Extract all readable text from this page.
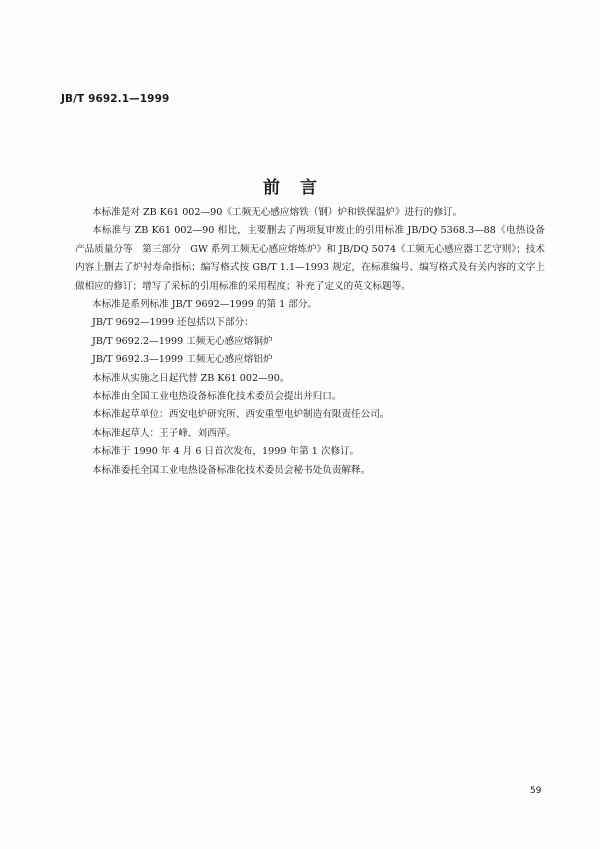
JB/T 9692.1—1999
前言

本标准是对 ZB K61 002—90《工频无心感应熔铁（钢）炉和铁保温炉》进行的修订。

本标准与 ZB K61 002—90 相比，主要删去了两项复审废止的引用标准 JB/DQ 5368.3—88《电热设备产品质量分等　第三部分　GW 系列工频无心感应熔炼炉》和 JB/DQ 5074《工频无心感应器工艺守则》；技术内容上删去了炉衬寿命指标；编写格式按 GB/T 1.1—1993 规定，在标准编号、编写格式及有关内容的文字上做相应的修订；增写了采标的引用标准的采用程度；补充了定义的英文标题等。

本标准是系列标准 JB/T 9692—1999 的第 1 部分。

JB/T 9692—1999 还包括以下部分：

JB/T 9692.2—1999 工频无心感应熔铜炉

JB/T 9692.3—1999 工频无心感应熔铝炉

本标准从实施之日起代替 ZB K61 002—90。

本标准由全国工业电热设备标准化技术委员会提出并归口。

本标准起草单位：西安电炉研究所、西安重型电炉制造有限责任公司。

本标准起草人：王子峰、刘西萍。

本标准于 1990 年 4 月 6 日首次发布，1999 年第 1 次修订。

本标准委托全国工业电热设备标准化技术委员会秘书处负责解释。

59
